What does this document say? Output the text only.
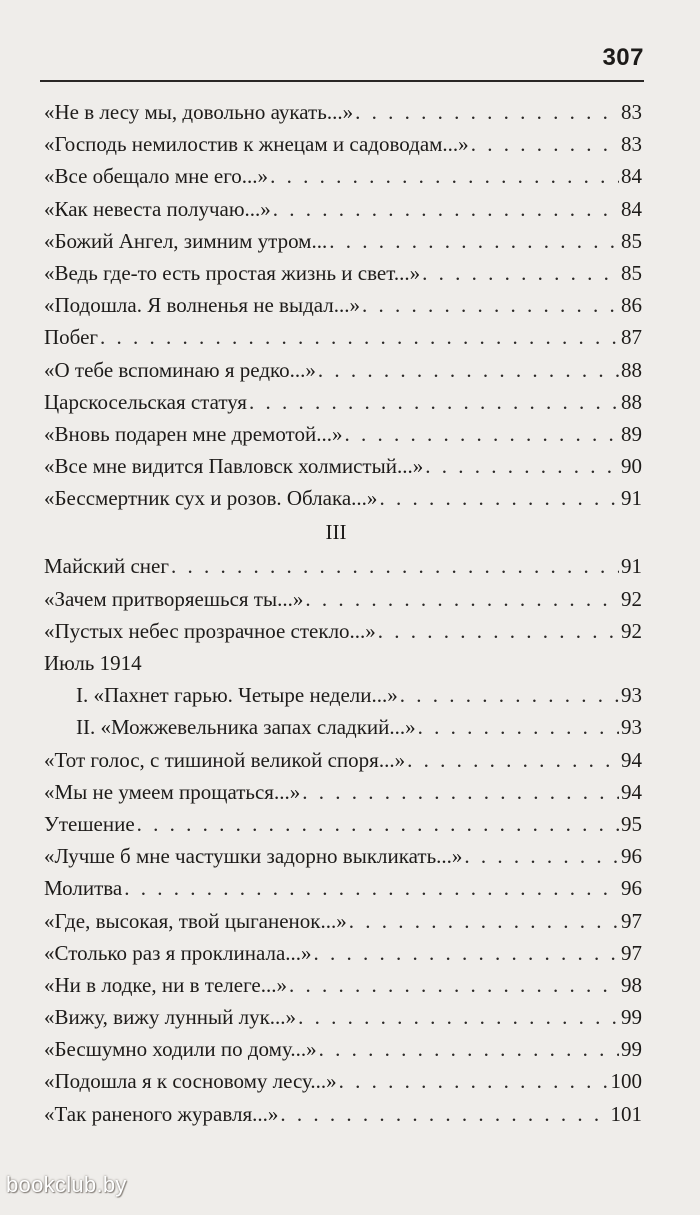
307
«Не в лесу мы, довольно аукать...» . . .	83
«Господь немилостив к жнецам и садоводам...» . . .	83
«Все обещало мне его...» . . .	84
«Как невеста получаю...» . . .	84
«Божий Ангел, зимним утром... . . .	85
«Ведь где-то есть простая жизнь и свет...» . . .	85
«Подошла. Я волненья не выдал...» . . .	86
Побег . . .	87
«О тебе вспоминаю я редко...» . . .	88
Царскосельская статуя . . .	88
«Вновь подарен мне дремотой...» . . .	89
«Все мне видится Павловск холмистый...» . . .	90
«Бессмертник сух и розов. Облака...» . . .	91
III
Майский снег . . .	91
«Зачем притворяешься ты...» . . .	92
«Пустых небес прозрачное стекло...» . . .	92
Июль 1914
I. «Пахнет гарью. Четыре недели...» . . .	93
II. «Можжевельника запах сладкий...» . . .	93
«Тот голос, с тишиной великой споря...» . . .	94
«Мы не умеем прощаться...» . . .	94
Утешение . . .	95
«Лучше б мне частушки задорно выкликать...» . . .	96
Молитва . . .	96
«Где, высокая, твой цыганенок...» . . .	97
«Столько раз я проклинала...» . . .	97
«Ни в лодке, ни в телеге...» . . .	98
«Вижу, вижу лунный лук...» . . .	99
«Бесшумно ходили по дому...» . . .	99
«Подошла я к сосновому лесу...» . . .	100
«Так раненого журавля...» . . .	101
bookclub.by
